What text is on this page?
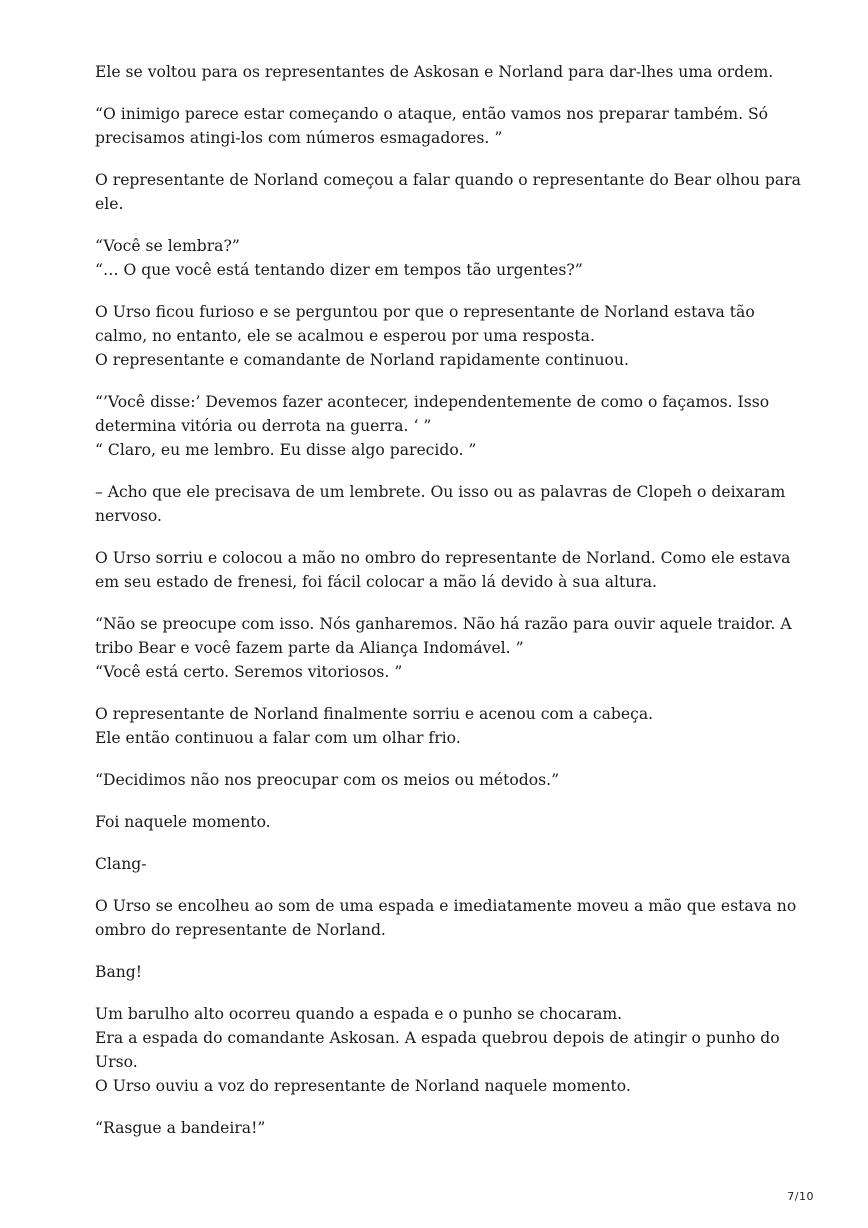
Ele se voltou para os representantes de Askosan e Norland para dar-lhes uma ordem.

“O inimigo parece estar começando o ataque, então vamos nos preparar também. Só
precisamos atingi-los com números esmagadores. ”

O representante de Norland começou a falar quando o representante do Bear olhou para
ele.

“Você se lembra?”
“… O que você está tentando dizer em tempos tão urgentes?”

O Urso ficou furioso e se perguntou por que o representante de Norland estava tão
calmo, no entanto, ele se acalmou e esperou por uma resposta.
O representante e comandante de Norland rapidamente continuou.

“’Você disse:’ Devemos fazer acontecer, independentemente de como o façamos. Isso
determina vitória ou derrota na guerra. ‘ ”
“ Claro, eu me lembro. Eu disse algo parecido. ”

– Acho que ele precisava de um lembrete. Ou isso ou as palavras de Clopeh o deixaram
nervoso.

O Urso sorriu e colocou a mão no ombro do representante de Norland. Como ele estava
em seu estado de frenesi, foi fácil colocar a mão lá devido à sua altura.

“Não se preocupe com isso. Nós ganharemos. Não há razão para ouvir aquele traidor. A
tribo Bear e você fazem parte da Aliança Indomável. ”
“Você está certo. Seremos vitoriosos. ”

O representante de Norland finalmente sorriu e acenou com a cabeça.
Ele então continuou a falar com um olhar frio.

“Decidimos não nos preocupar com os meios ou métodos.”

Foi naquele momento.

Clang-

O Urso se encolheu ao som de uma espada e imediatamente moveu a mão que estava no
ombro do representante de Norland.

Bang!

Um barulho alto ocorreu quando a espada e o punho se chocaram.
Era a espada do comandante Askosan. A espada quebrou depois de atingir o punho do
Urso.
O Urso ouviu a voz do representante de Norland naquele momento.

“Rasgue a bandeira!”

7/10
